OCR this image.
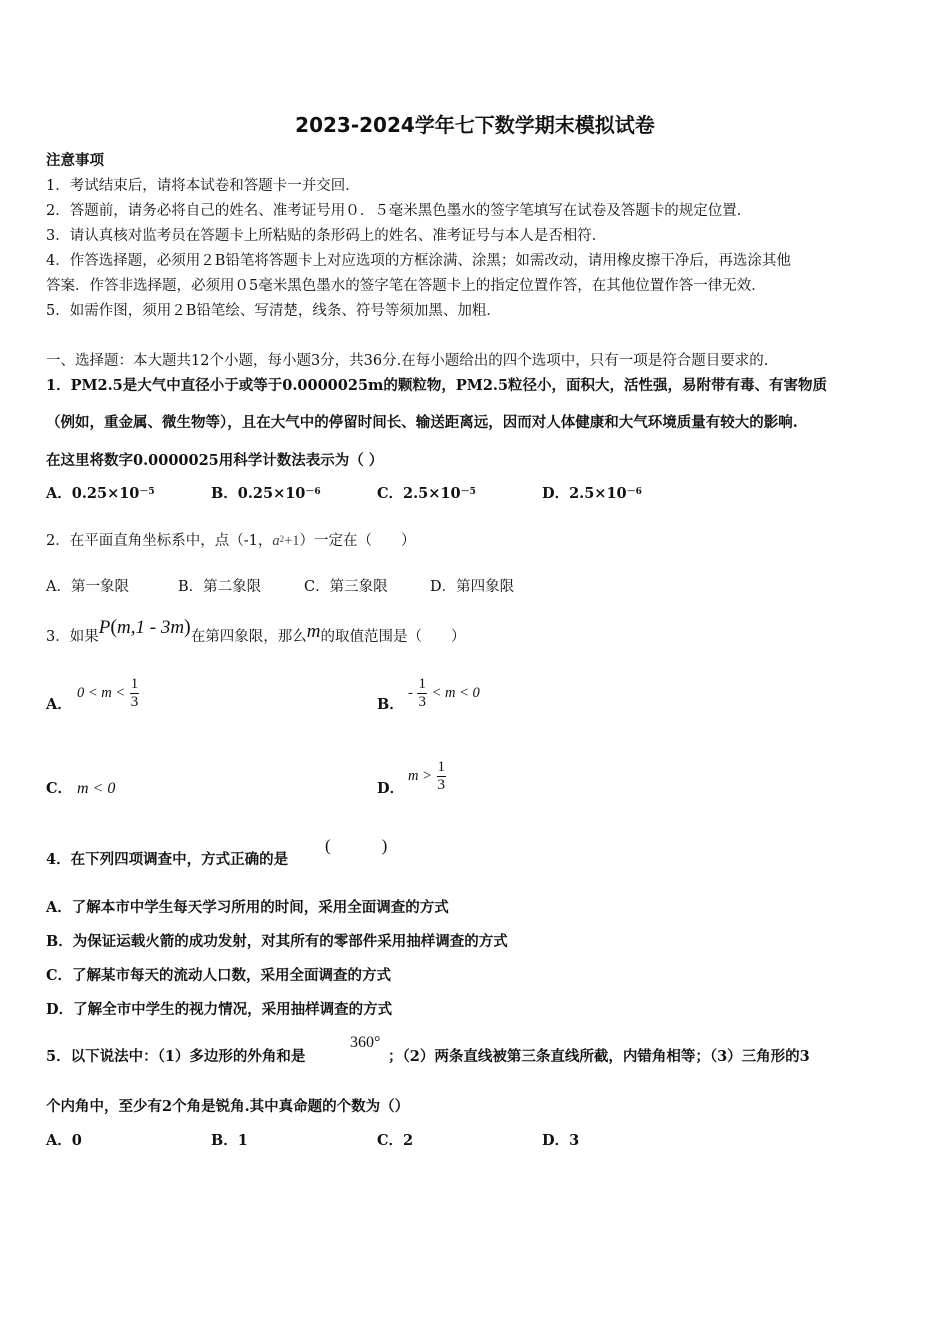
2023-2024学年七下数学期末模拟试卷
注意事项
1．考试结束后，请将本试卷和答题卡一并交回．
2．答题前，请务必将自己的姓名、准考证号用０．５毫米黑色墨水的签字笔填写在试卷及答题卡的规定位置．
3．请认真核对监考员在答题卡上所粘贴的条形码上的姓名、准考证号与本人是否相符．
4．作答选择题，必须用２B铅笔将答题卡上对应选项的方框涂满、涂黑；如需改动，请用橡皮擦干净后，再选涂其他
答案．作答非选择题，必须用０5毫米黑色墨水的签字笔在答题卡上的指定位置作答，在其他位置作答一律无效．
5．如需作图，须用２B铅笔绘、写清楚，线条、符号等须加黑、加粗．
一、选择题：本大题共12个小题，每小题3分，共36分.在每小题给出的四个选项中，只有一项是符合题目要求的.
1．PM2.5是大气中直径小于或等于0.0000025m的颗粒物，PM2.5粒径小，面积大，活性强，易附带有毒、有害物质
（例如，重金属、微生物等），且在大气中的停留时间长、输送距离远，因而对人体健康和大气环境质量有较大的影响.
在这里将数字0.0000025用科学计数法表示为（ ）
A．$0.25\times 10^{-5}$	B．$0.25\times 10^{-6}$	C．$2.5\times 10^{-5}$	D．$2.5\times 10^{-6}$
2．在平面直角坐标系中，点（-1，$a^2+1$）一定在（　　）
A．第一象限	B．第二象限	C．第三象限	D．第四象限
3．如果P(m,1 - 3m)在第四象限，那么m的取值范围是（　　）
A．
$0 < m < \frac{1}{3}$	B．
- $\frac{1}{3} < m < 0$
C． m < 0	D．
$m > \frac{1}{3}$
4．在下列四项调查中，方式正确的是
(　　　)
A．了解本市中学生每天学习所用的时间，采用全面调查的方式
B．为保证运载火箭的成功发射，对其所有的零部件采用抽样调查的方式
C．了解某市每天的流动人口数，采用全面调查的方式
D．了解全市中学生的视力情况，采用抽样调查的方式
5．以下说法中：（1）多边形的外角和是
360°
；（2）两条直线被第三条直线所截，内错角相等；（3）三角形的3
个内角中，至少有2个角是锐角.其中真命题的个数为（）
A．0	B．1	C．2	D．3
